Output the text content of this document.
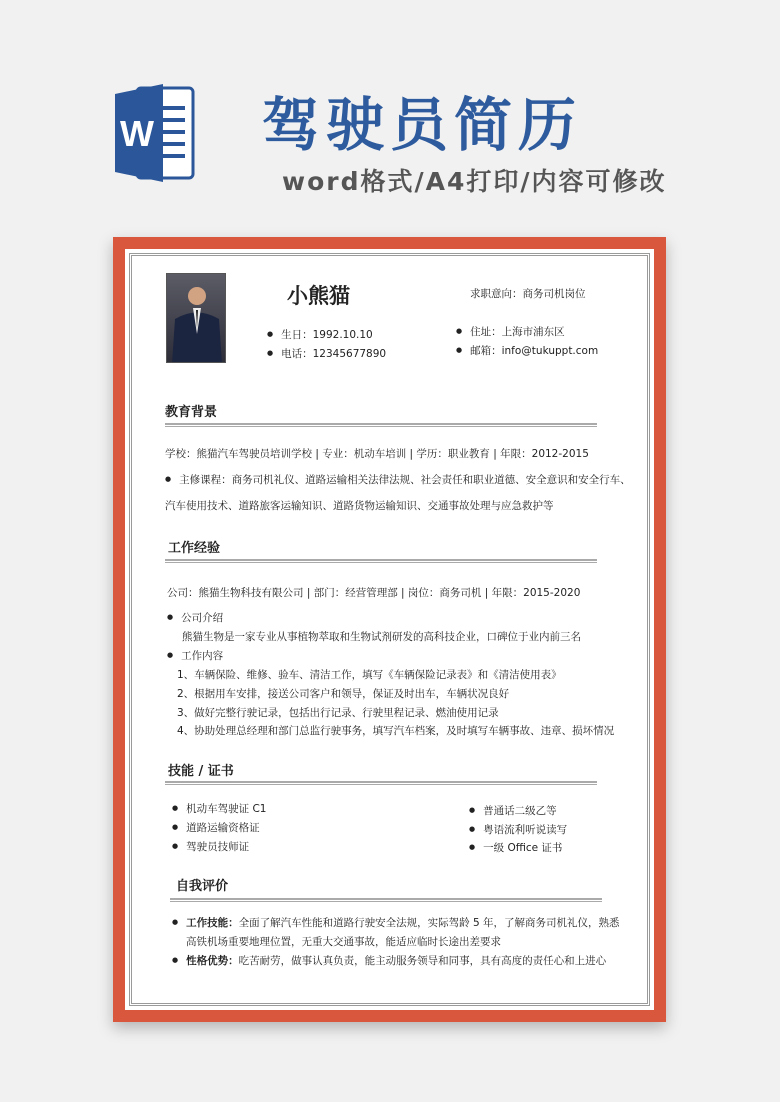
W 驾驶员简历
word格式/A4打印/内容可修改
小熊猫	求职意向：商务司机岗位
● 生日：1992.10.10
● 电话：12345677890
● 住址：上海市浦东区
● 邮箱：info@tukuppt.com
教育背景
学校：熊猫汽车驾驶员培训学校 | 专业：机动车培训 | 学历：职业教育 | 年限：2012-2015
● 主修课程：商务司机礼仪、道路运输相关法律法规、社会责任和职业道德、安全意识和安全行车、
汽车使用技术、道路旅客运输知识、道路货物运输知识、交通事故处理与应急救护等
工作经验
公司：熊猫生物科技有限公司 | 部门：经营管理部 | 岗位：商务司机 | 年限：2015-2020
● 公司介绍
熊猫生物是一家专业从事植物萃取和生物试剂研发的高科技企业，口碑位于业内前三名
● 工作内容
1、车辆保险、维修、验车、清洁工作，填写《车辆保险记录表》和《清洁使用表》
2、根据用车安排，接送公司客户和领导，保证及时出车，车辆状况良好
3、做好完整行驶记录，包括出行记录、行驶里程记录、燃油使用记录
4、协助处理总经理和部门总监行驶事务，填写汽车档案，及时填写车辆事故、违章、损坏情况
技能 / 证书
● 机动车驾驶证 C1
● 道路运输资格证
● 驾驶员技师证
● 普通话二级乙等
● 粤语流利听说读写
● 一级 Office 证书
自我评价
● 工作技能：全面了解汽车性能和道路行驶安全法规，实际驾龄 5 年，了解商务司机礼仪，熟悉
高铁机场重要地理位置，无重大交通事故，能适应临时长途出差要求
● 性格优势：吃苦耐劳，做事认真负责，能主动服务领导和同事，具有高度的责任心和上进心
